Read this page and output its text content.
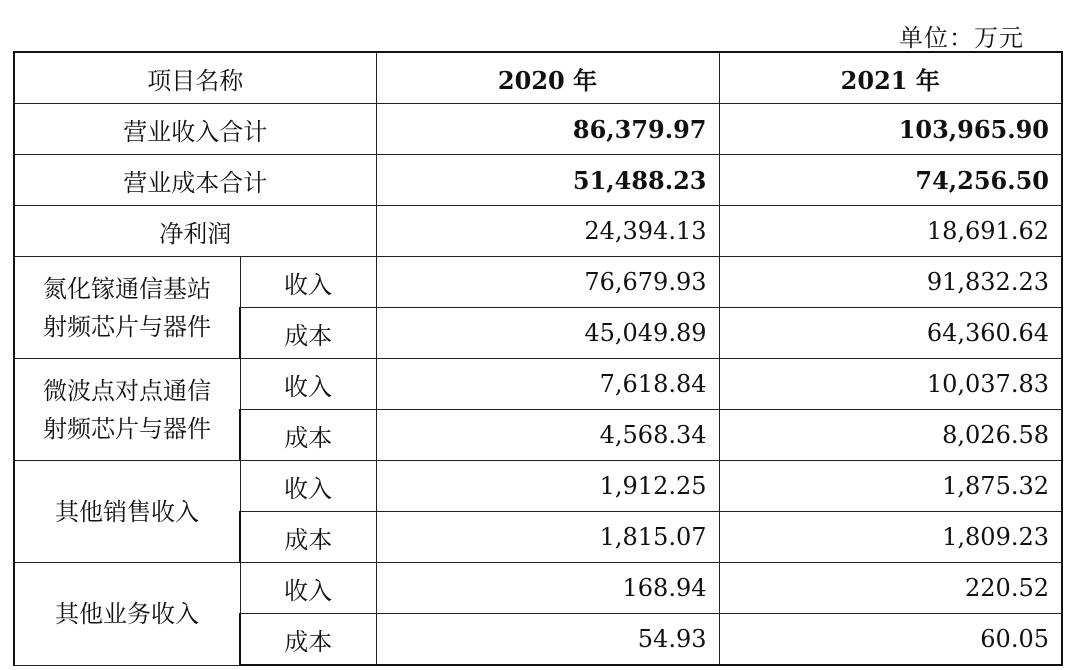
单位：万元
项目名称		2020 年	2021 年
营业收入合计		86,379.97	103,965.90
营业成本合计		51,488.23	74,256.50
净利润		24,394.13	18,691.62

氮化镓通信基站
射频芯片与器件	收入	76,679.93	91,832.23
	成本	45,049.89	64,360.64

微波点对点通信
射频芯片与器件	收入	7,618.84	10,037.83
	成本	4,568.34	8,026.58

其他销售收入	收入	1,912.25	1,875.32
	成本	1,815.07	1,809.23

其他业务收入	收入	168.94	220.52
	成本	54.93	60.05
